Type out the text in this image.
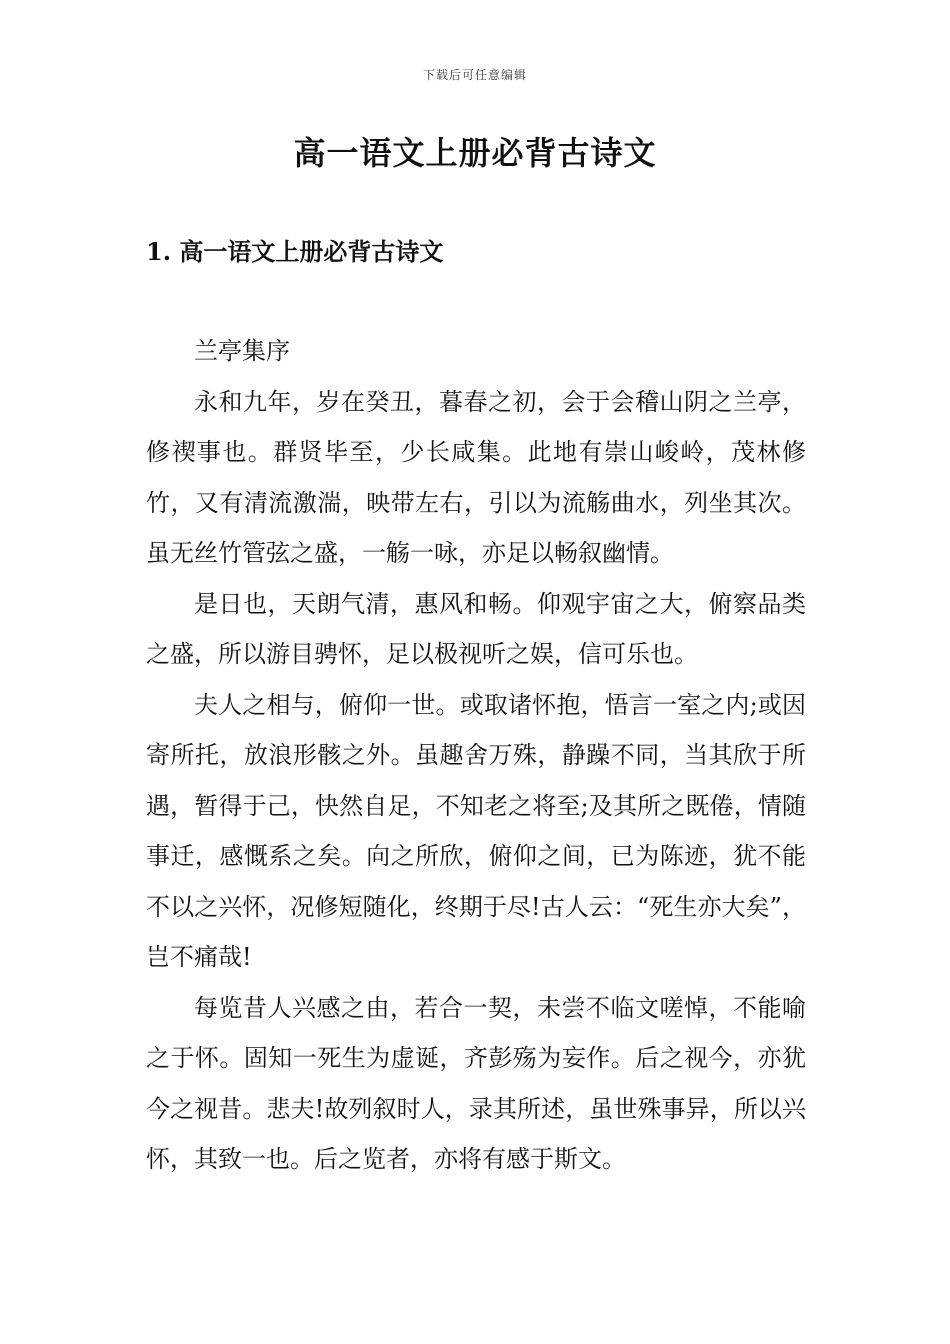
下载后可任意编辑
高一语文上册必背古诗文
1. 高一语文上册必背古诗文

兰亭集序

永和九年，岁在癸丑，暮春之初，会于会稽山阴之兰亭，修禊事也。群贤毕至，少长咸集。此地有崇山峻岭，茂林修竹，又有清流激湍，映带左右，引以为流觞曲水，列坐其次。虽无丝竹管弦之盛，一觞一咏，亦足以畅叙幽情。

是日也，天朗气清，惠风和畅。仰观宇宙之大，俯察品类之盛，所以游目骋怀，足以极视听之娱，信可乐也。

夫人之相与，俯仰一世。或取诸怀抱，悟言一室之内;或因寄所托，放浪形骸之外。虽趣舍万殊，静躁不同，当其欣于所遇，暂得于己，快然自足，不知老之将至;及其所之既倦，情随事迁，感慨系之矣。向之所欣，俯仰之间，已为陈迹，犹不能不以之兴怀，况修短随化，终期于尽!古人云：“死生亦大矣”，岂不痛哉!

每览昔人兴感之由，若合一契，未尝不临文嗟悼，不能喻之于怀。固知一死生为虚诞，齐彭殇为妄作。后之视今，亦犹今之视昔。悲夫!故列叙时人，录其所述，虽世殊事异，所以兴怀，其致一也。后之览者，亦将有感于斯文。
